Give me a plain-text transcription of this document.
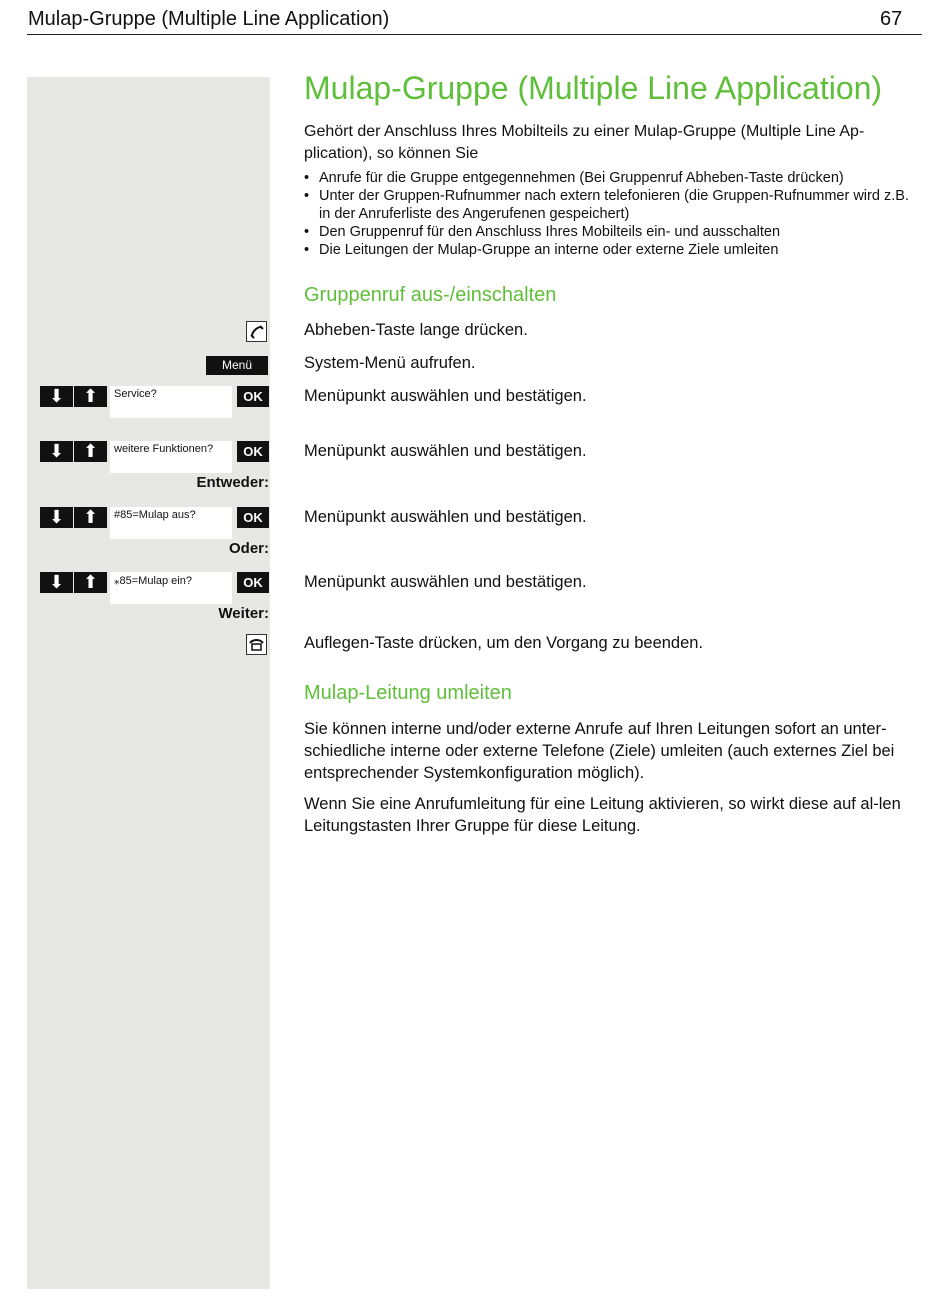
Mulap-Gruppe (Multiple Line Application)	67
Menü
⬇	⬆	Service?	OK
⬇	⬆	weitere Funktionen?	OK
Entweder:
⬇	⬆	#85=Mulap aus?	OK
Oder:
⬇	⬆	⁎85=Mulap ein?	OK
Weiter:
Mulap-Gruppe (Multiple Line Application)
Gehört der Anschluss Ihres Mobilteils zu einer Mulap-Gruppe (Multiple Line Ap-plication), so können Sie
• Anrufe für die Gruppe entgegennehmen (Bei Gruppenruf Abheben-Taste drücken)
• Unter der Gruppen-Rufnummer nach extern telefonieren (die Gruppen-Rufnummer wird z.B. in der Anruferliste des Angerufenen gespeichert)
• Den Gruppenruf für den Anschluss Ihres Mobilteils ein- und ausschalten
• Die Leitungen der Mulap-Gruppe an interne oder externe Ziele umleiten
Gruppenruf aus-/einschalten
Abheben-Taste lange drücken.
System-Menü aufrufen.
Menüpunkt auswählen und bestätigen.
Menüpunkt auswählen und bestätigen.
Menüpunkt auswählen und bestätigen.
Menüpunkt auswählen und bestätigen.
Auflegen-Taste drücken, um den Vorgang zu beenden.
Mulap-Leitung umleiten
Sie können interne und/oder externe Anrufe auf Ihren Leitungen sofort an unter-schiedliche interne oder externe Telefone (Ziele) umleiten (auch externes Ziel bei entsprechender Systemkonfiguration möglich).
Wenn Sie eine Anrufumleitung für eine Leitung aktivieren, so wirkt diese auf al-len Leitungstasten Ihrer Gruppe für diese Leitung.
